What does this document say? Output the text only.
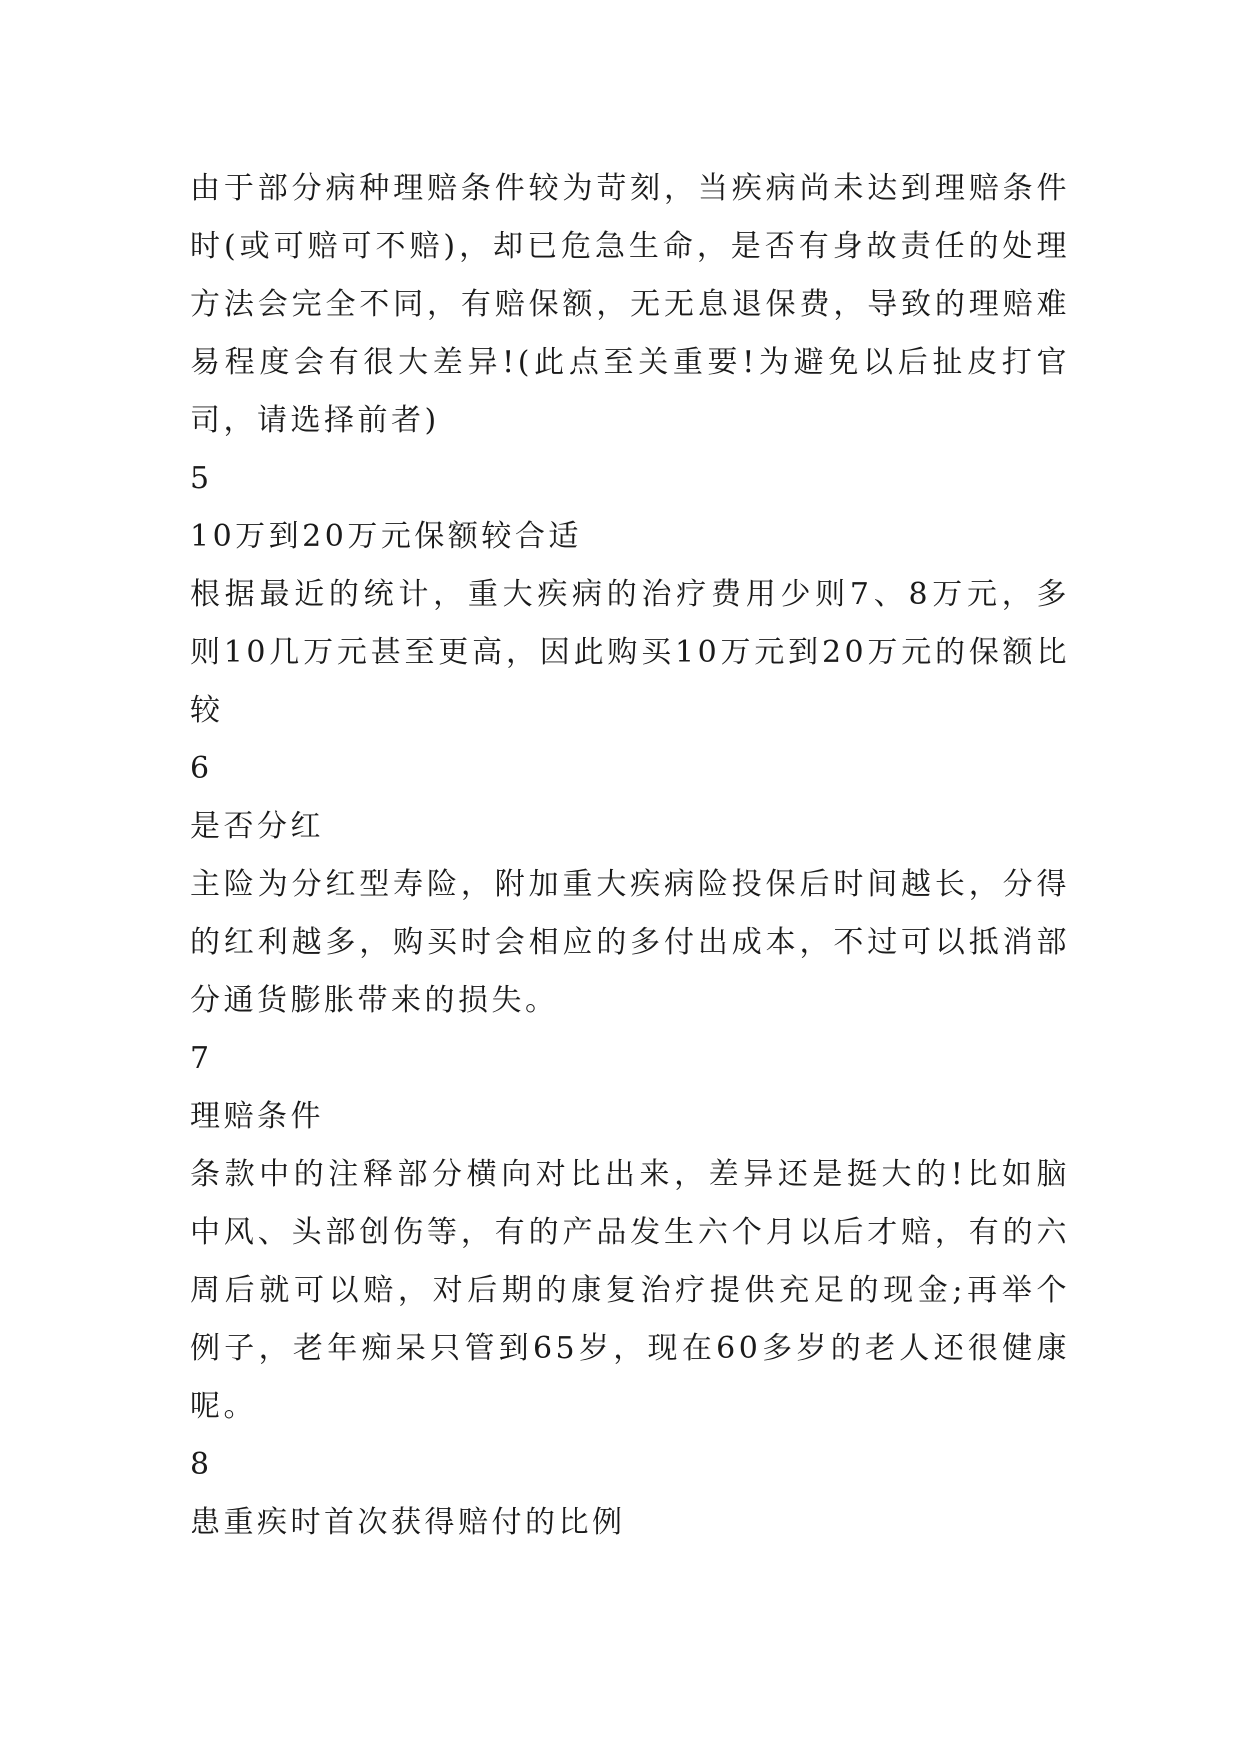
由于部分病种理赔条件较为苛刻，当疾病尚未达到理赔条件时(或可赔可不赔)，却已危急生命，是否有身故责任的处理方法会完全不同，有赔保额，无无息退保费，导致的理赔难易程度会有很大差异!(此点至关重要!为避免以后扯皮打官司，请选择前者)

5

10万到20万元保额较合适

根据最近的统计，重大疾病的治疗费用少则7、8万元，多则10几万元甚至更高，因此购买10万元到20万元的保额比较

6

是否分红

主险为分红型寿险，附加重大疾病险投保后时间越长，分得的红利越多，购买时会相应的多付出成本，不过可以抵消部分通货膨胀带来的损失。

7

理赔条件

条款中的注释部分横向对比出来，差异还是挺大的!比如脑中风、头部创伤等，有的产品发生六个月以后才赔，有的六周后就可以赔，对后期的康复治疗提供充足的现金;再举个例子，老年痴呆只管到65岁，现在60多岁的老人还很健康呢。

8

患重疾时首次获得赔付的比例
